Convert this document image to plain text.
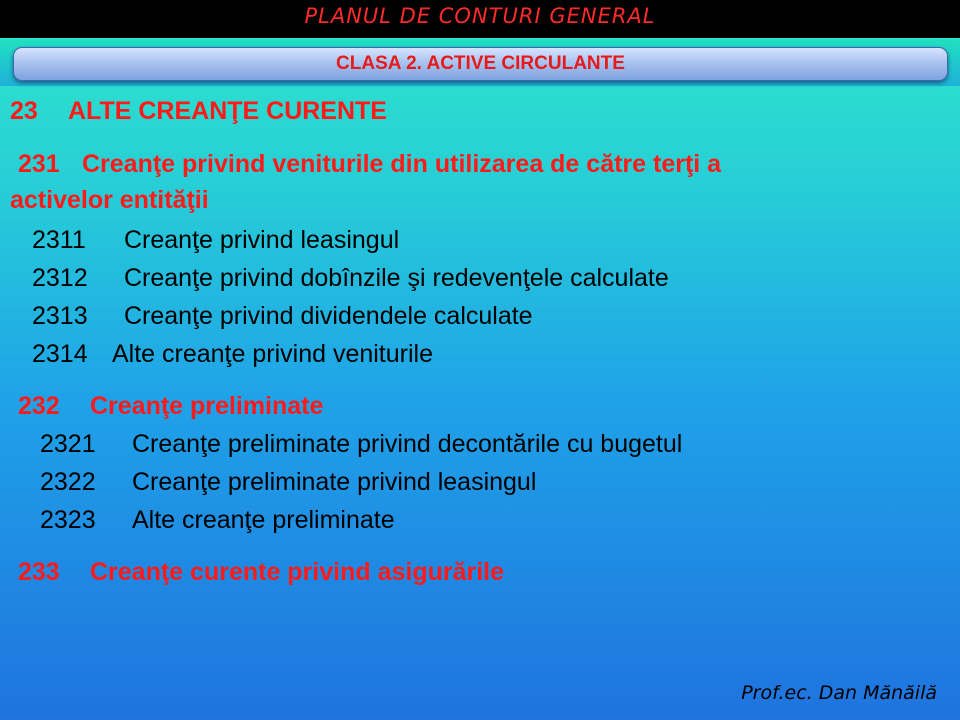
PLANUL DE CONTURI GENERAL
CLASA 2. ACTIVE CIRCULANTE
23 ALTE CREANŢE CURENTE
231 Creanţe privind veniturile din utilizarea de către terţi a
activelor entităţii
2311 Creanţe privind leasingul
2312 Creanţe privind dobînzile şi redevenţele calculate
2313 Creanţe privind dividendele calculate
2314 Alte creanţe privind veniturile
232 Creanţe preliminate
2321 Creanţe preliminate privind decontările cu bugetul
2322 Creanţe preliminate privind leasingul
2323 Alte creanţe preliminate
233 Creanţe curente privind asigurările
Prof.ec. Dan Mănăilă
